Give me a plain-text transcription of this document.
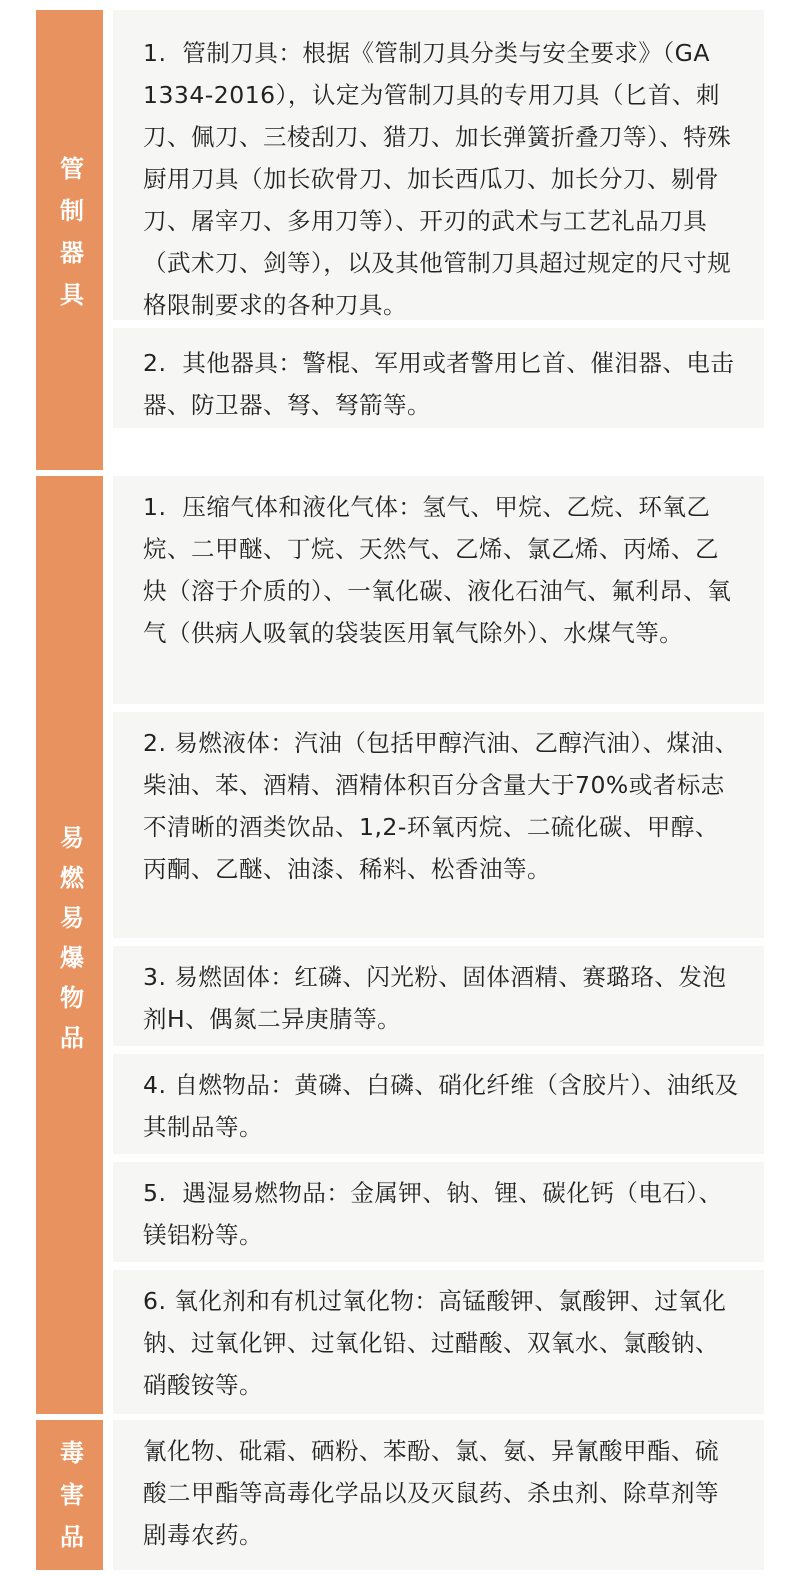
管制器具
1.  管制刀具：根据《管制刀具分类与安全要求》（GA 1334-2016），认定为管制刀具的专用刀具（匕首、刺刀、佩刀、三棱刮刀、猎刀、加长弹簧折叠刀等）、特殊厨用刀具（加长砍骨刀、加长西瓜刀、加长分刀、剔骨刀、屠宰刀、多用刀等）、开刃的武术与工艺礼品刀具（武术刀、剑等），以及其他管制刀具超过规定的尺寸规格限制要求的各种刀具。
2.  其他器具：警棍、军用或者警用匕首、催泪器、电击器、防卫器、弩、弩箭等。
易燃易爆物品
1.  压缩气体和液化气体：氢气、甲烷、乙烷、环氧乙烷、二甲醚、丁烷、天然气、乙烯、氯乙烯、丙烯、乙炔（溶于介质的）、一氧化碳、液化石油气、氟利昂、氧气（供病人吸氧的袋装医用氧气除外）、水煤气等。
2. 易燃液体：汽油（包括甲醇汽油、乙醇汽油）、煤油、柴油、苯、酒精、酒精体积百分含量大于70%或者标志不清晰的酒类饮品、1,2-环氧丙烷、二硫化碳、甲醇、丙酮、乙醚、油漆、稀料、松香油等。
3. 易燃固体：红磷、闪光粉、固体酒精、赛璐珞、发泡剂H、偶氮二异庚腈等。
4. 自燃物品：黄磷、白磷、硝化纤维（含胶片）、油纸及其制品等。
5.  遇湿易燃物品：金属钾、钠、锂、碳化钙（电石）、镁铝粉等。
6. 氧化剂和有机过氧化物：高锰酸钾、氯酸钾、过氧化钠、过氧化钾、过氧化铅、过醋酸、双氧水、氯酸钠、硝酸铵等。
毒害品	氰化物、砒霜、硒粉、苯酚、氯、氨、异氰酸甲酯、硫酸二甲酯等高毒化学品以及灭鼠药、杀虫剂、除草剂等剧毒农药。
